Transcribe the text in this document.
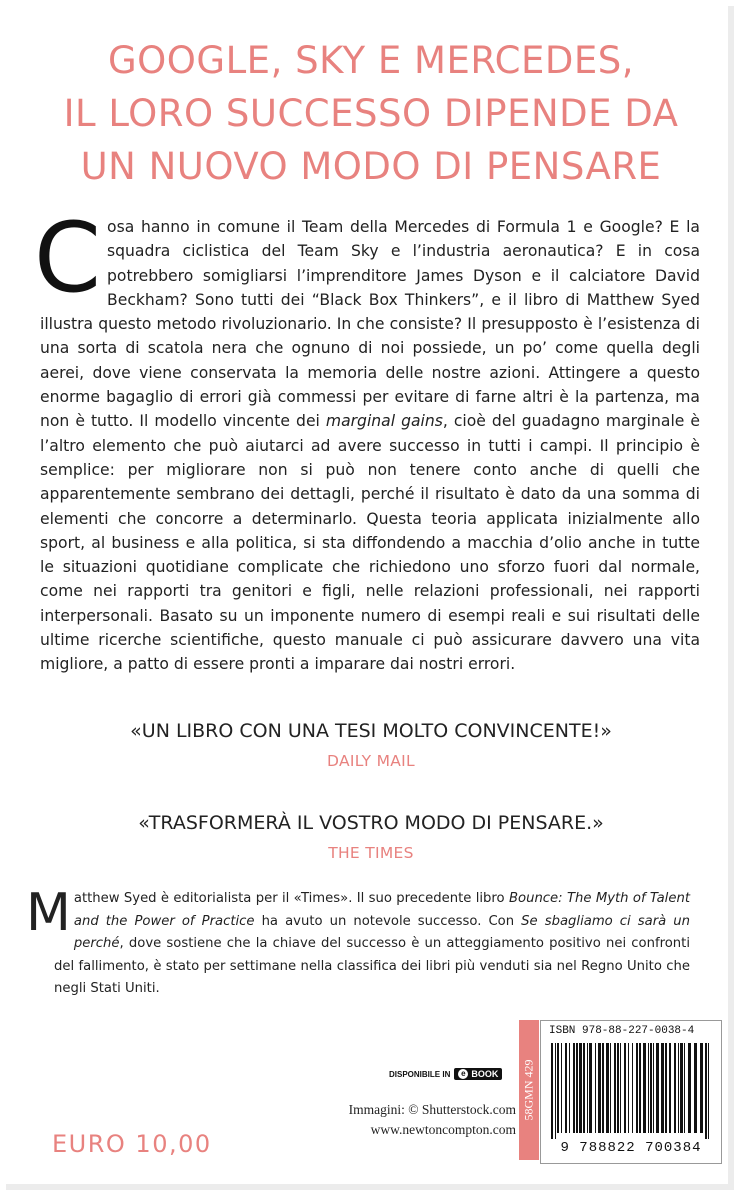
GOOGLE, SKY E MERCEDES,
IL LORO SUCCESSO DIPENDE DA
UN NUOVO MODO DI PENSARE
Cosa hanno in comune il Team della Mercedes di Formula 1 e Google? E la squadra ciclistica del Team Sky e l’industria aeronautica? E in cosa potrebbero somigliarsi l’imprenditore James Dyson e il calciatore David Beckham? Sono tutti dei “Black Box Thinkers”, e il libro di Matthew Syed illustra questo metodo rivoluzionario. In che consiste? Il presupposto è l’esistenza di una sorta di scatola nera che ognuno di noi possiede, un po’ come quella degli aerei, dove viene conservata la memoria delle nostre azioni. Attingere a questo enorme bagaglio di errori già commessi per evitare di farne altri è la partenza, ma non è tutto. Il modello vincente dei marginal gains, cioè del guadagno marginale è l’altro elemento che può aiutarci ad avere successo in tutti i campi. Il principio è semplice: per migliorare non si può non tenere conto anche di quelli che apparentemente sembrano dei dettagli, perché il risultato è dato da una somma di elementi che concorre a determinarlo. Questa teoria applicata inizialmente allo sport, al business e alla politica, si sta diffondendo a macchia d’olio anche in tutte le situazioni quotidiane complicate che richiedono uno sforzo fuori dal normale, come nei rapporti tra genitori e figli, nelle relazioni professionali, nei rapporti interpersonali. Basato su un imponente numero di esempi reali e sui risultati delle ultime ricerche scientifiche, questo manuale ci può assicurare davvero una vita migliore, a patto di essere pronti a imparare dai nostri errori.
«UN LIBRO CON UNA TESI MOLTO CONVINCENTE!»
DAILY MAIL
«TRASFORMERÀ IL VOSTRO MODO DI PENSARE.»
THE TIMES
Matthew Syed è editorialista per il «Times». Il suo precedente libro Bounce: The Myth of Talent and the Power of Practice ha avuto un notevole successo. Con Se sbagliamo ci sarà un perché, dove sostiene che la chiave del successo è un atteggiamento positivo nei confronti del fallimento, è stato per settimane nella classifica dei libri più venduti sia nel Regno Unito che negli Stati Uniti.
EURO 10,00
DISPONIBILE IN	e BOOK
Immagini: © Shutterstock.com
www.newtoncompton.com
58GMN 429
ISBN 978-88-227-0038-4
9 788822 700384
